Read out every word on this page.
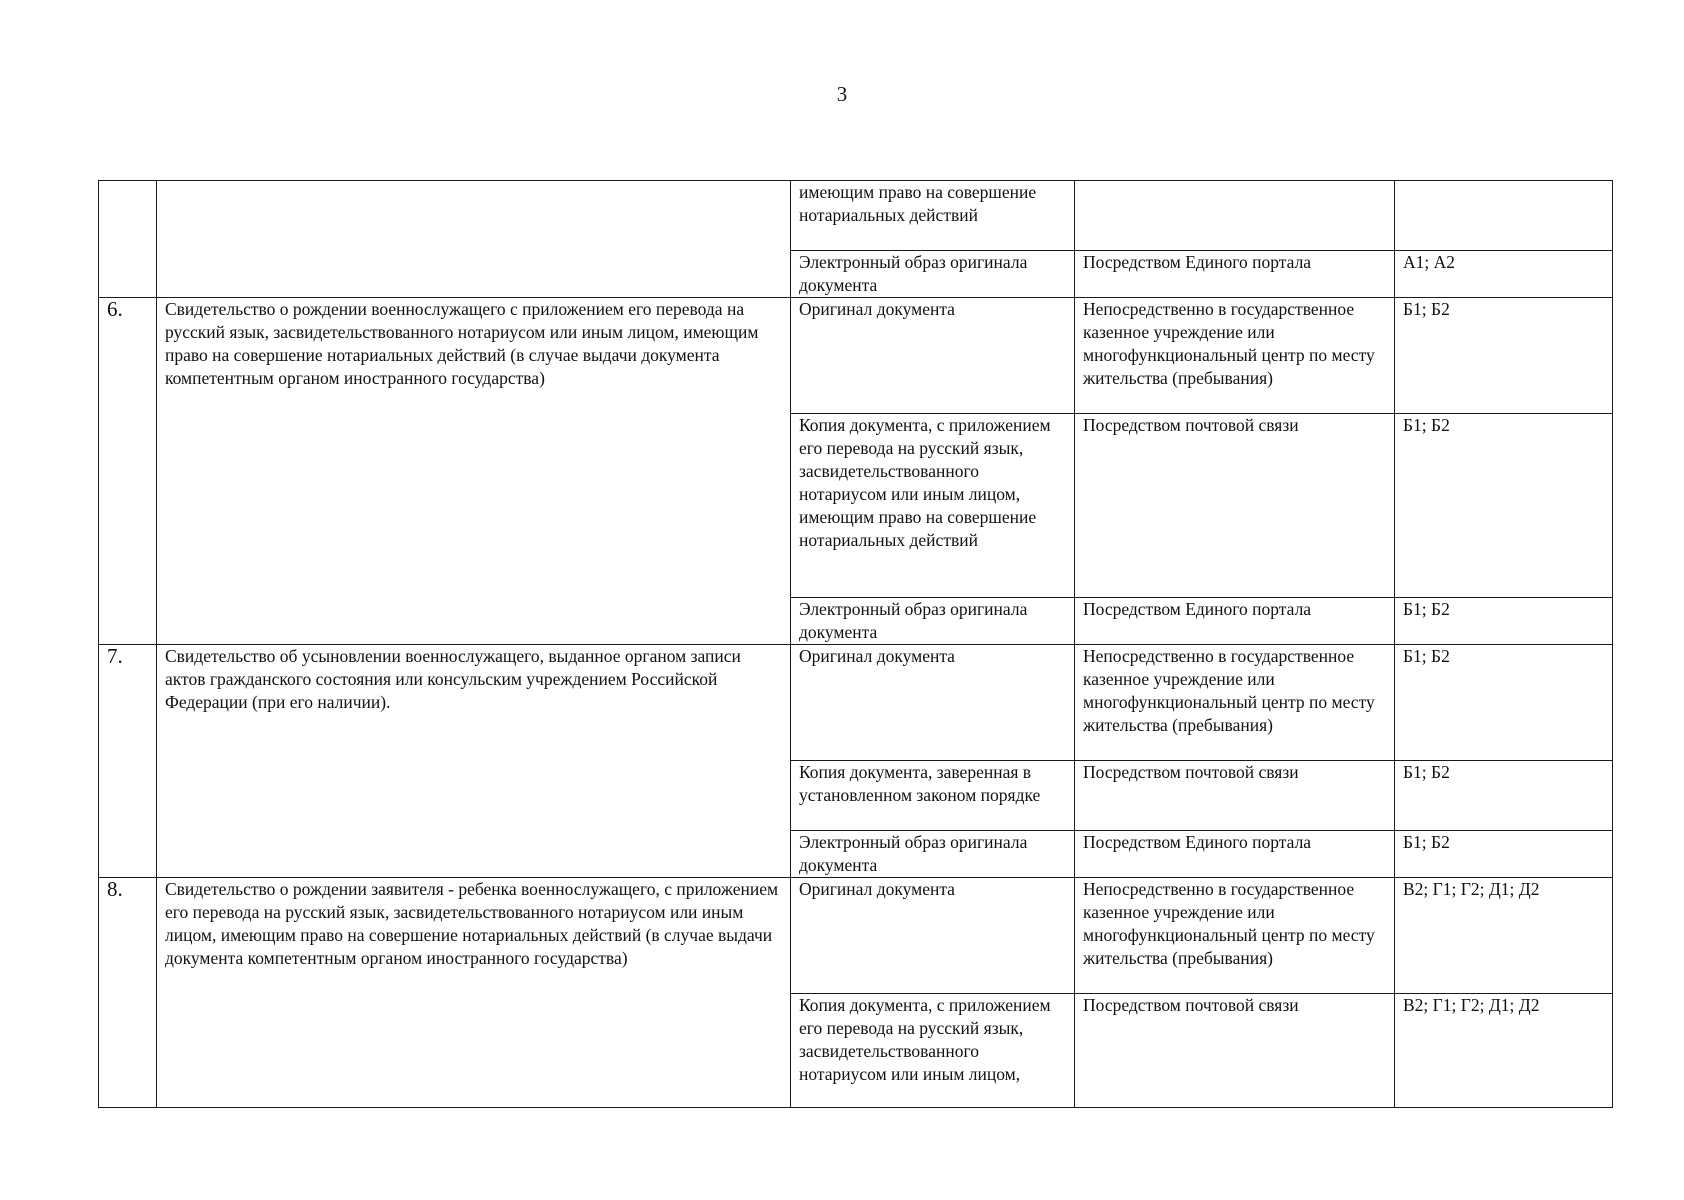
3
		имеющим право на совершение нотариальных действий		
		Электронный образ оригинала документа	Посредством Единого портала	А1; А2
6.	Свидетельство о рождении военнослужащего с приложением его перевода на русский язык, засвидетельствованного нотариусом или иным лицом, имеющим право на совершение нотариальных действий (в случае выдачи документа компетентным органом иностранного государства)	Оригинал документа	Непосредственно в государственное казенное учреждение или многофункциональный центр по месту жительства (пребывания)	Б1; Б2
		Копия документа, с приложением его перевода на русский язык, засвидетельствованного нотариусом или иным лицом, имеющим право на совершение нотариальных действий	Посредством почтовой связи	Б1; Б2
		Электронный образ оригинала документа	Посредством Единого портала	Б1; Б2
7.	Свидетельство об усыновлении военнослужащего, выданное органом записи актов гражданского состояния или консульским учреждением Российской Федерации (при его наличии).	Оригинал документа	Непосредственно в государственное казенное учреждение или многофункциональный центр по месту жительства (пребывания)	Б1; Б2
		Копия документа, заверенная в установленном законом порядке	Посредством почтовой связи	Б1; Б2
		Электронный образ оригинала документа	Посредством Единого портала	Б1; Б2
8.	Свидетельство о рождении заявителя - ребенка военнослужащего, с приложением его перевода на русский язык, засвидетельствованного нотариусом или иным лицом, имеющим право на совершение нотариальных действий (в случае выдачи документа компетентным органом иностранного государства)	Оригинал документа	Непосредственно в государственное казенное учреждение или многофункциональный центр по месту жительства (пребывания)	В2; Г1; Г2; Д1; Д2
		Копия документа, с приложением его перевода на русский язык, засвидетельствованного нотариусом или иным лицом,	Посредством почтовой связи	В2; Г1; Г2; Д1; Д2
